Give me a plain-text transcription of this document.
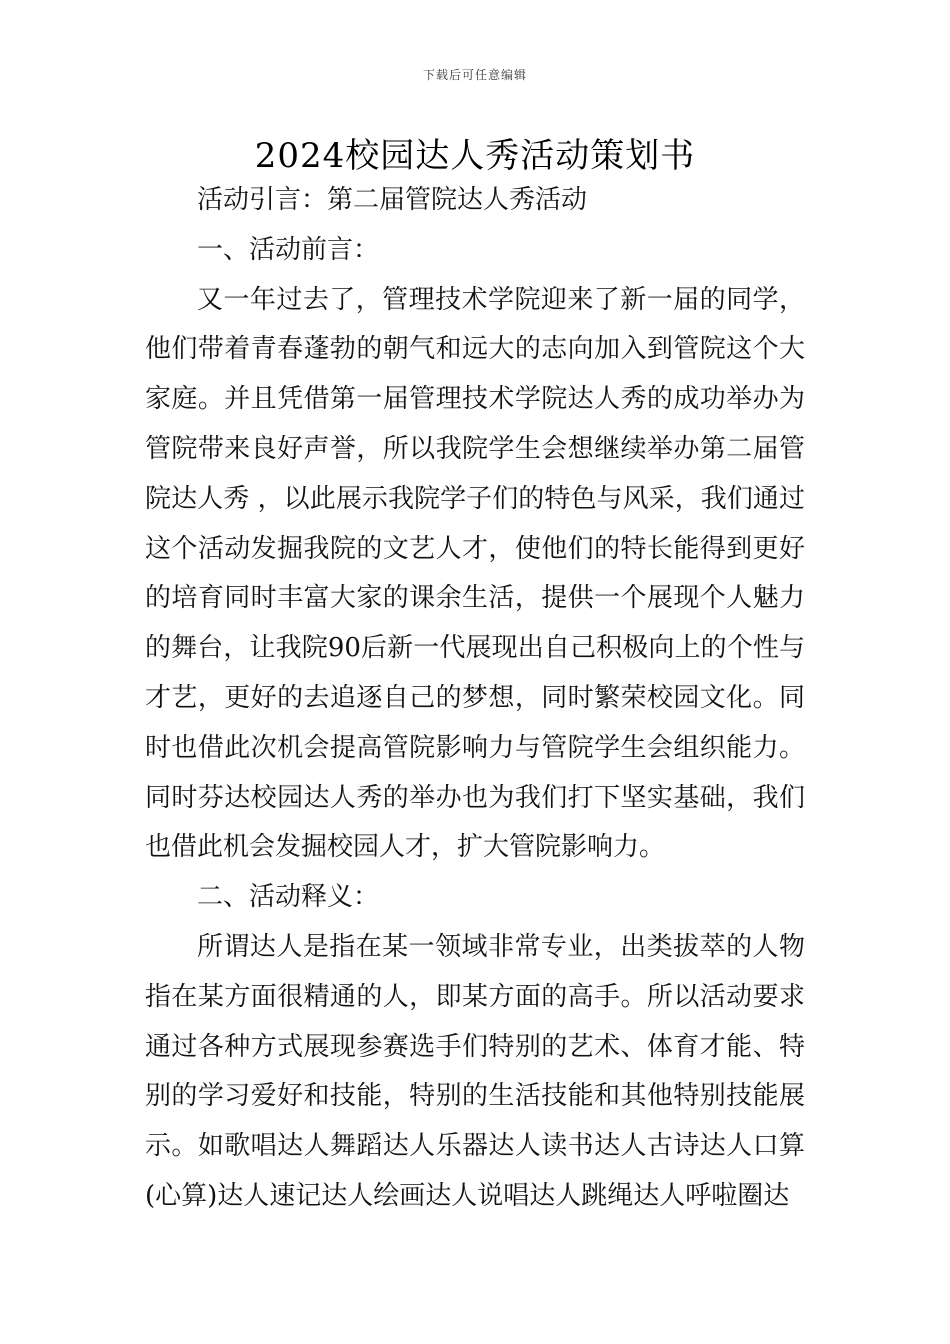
下载后可任意编辑
2024校园达人秀活动策划书

活动引言：第二届管院达人秀活动

一、活动前言：

又一年过去了，管理技术学院迎来了新一届的同学，他们带着青春蓬勃的朝气和远大的志向加入到管院这个大家庭。并且凭借第一届管理技术学院达人秀的成功举办为管院带来良好声誉，所以我院学生会想继续举办第二届管院达人秀 ，以此展示我院学子们的特色与风采，我们通过这个活动发掘我院的文艺人才，使他们的特长能得到更好的培育同时丰富大家的课余生活，提供一个展现个人魅力的舞台，让我院90后新一代展现出自己积极向上的个性与才艺，更好的去追逐自己的梦想，同时繁荣校园文化。同时也借此次机会提高管院影响力与管院学生会组织能力。同时芬达校园达人秀的举办也为我们打下坚实基础，我们也借此机会发掘校园人才，扩大管院影响力。

二、活动释义：

所谓达人是指在某一领域非常专业，出类拔萃的人物指在某方面很精通的人，即某方面的高手。所以活动要求通过各种方式展现参赛选手们特别的艺术、体育才能、特别的学习爱好和技能，特别的生活技能和其他特别技能展示。如歌唱达人舞蹈达人乐器达人读书达人古诗达人口算(心算)达人速记达人绘画达人说唱达人跳绳达人呼啦圈达
